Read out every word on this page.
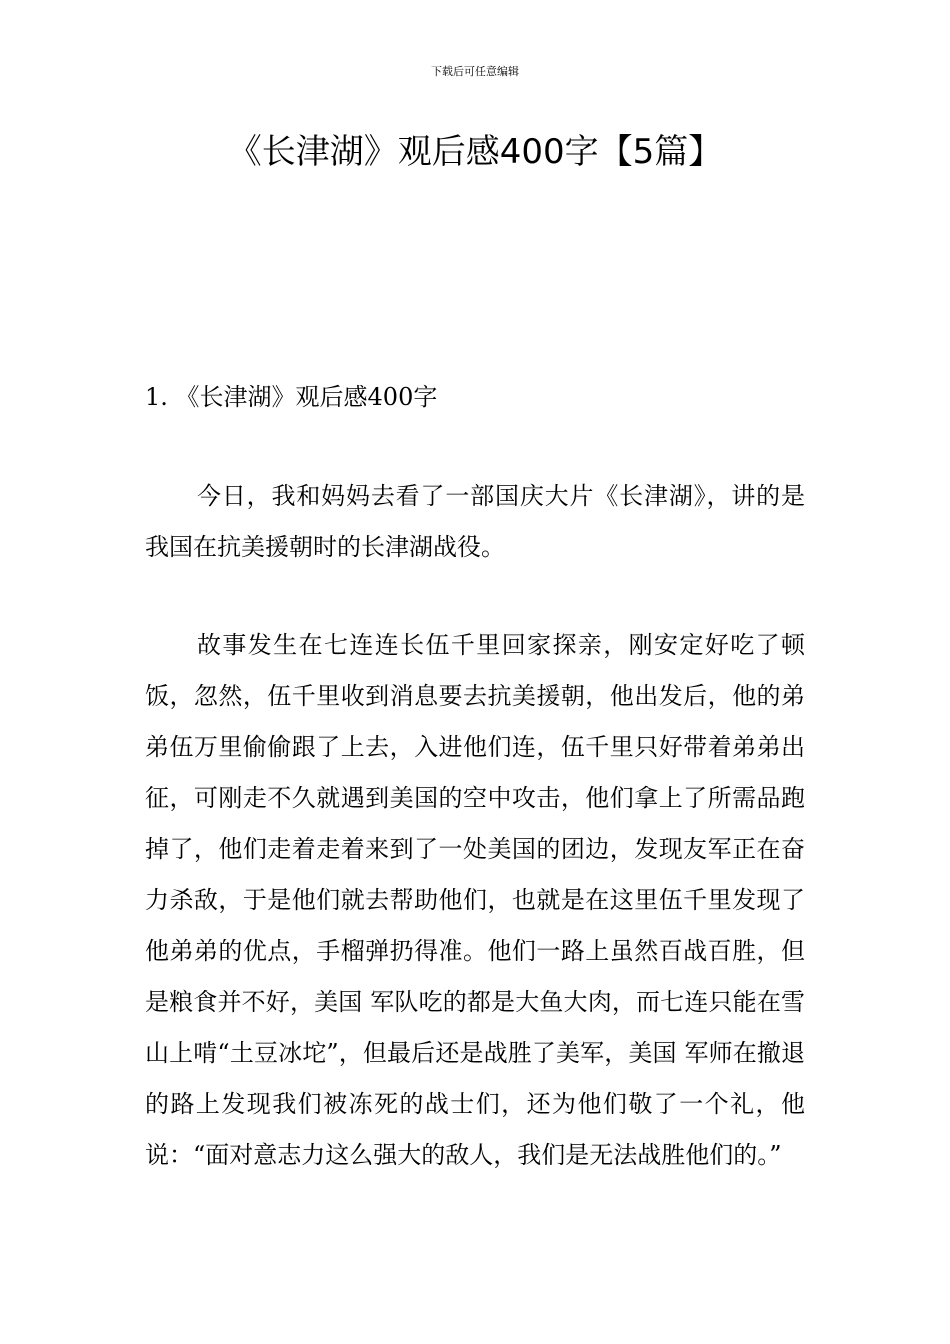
下载后可任意编辑
《长津湖》观后感400字【5篇】
1. 《长津湖》观后感400字

今日，我和妈妈去看了一部国庆大片《长津湖》，讲的是我国在抗美援朝时的长津湖战役。

故事发生在七连连长伍千里回家探亲，刚安定好吃了顿饭，忽然，伍千里收到消息要去抗美援朝，他出发后，他的弟弟伍万里偷偷跟了上去，入进他们连，伍千里只好带着弟弟出征，可刚走不久就遇到美国的空中攻击，他们拿上了所需品跑掉了，他们走着走着来到了一处美国的团边，发现友军正在奋力杀敌，于是他们就去帮助他们，也就是在这里伍千里发现了他弟弟的优点，手榴弹扔得准。他们一路上虽然百战百胜，但是粮食并不好，美国 军队吃的都是大鱼大肉，而七连只能在雪山上啃“土豆冰坨”，但最后还是战胜了美军，美国 军师在撤退的路上发现我们被冻死的战士们，还为他们敬了一个礼，他说：“面对意志力这么强大的敌人，我们是无法战胜他们的。”
